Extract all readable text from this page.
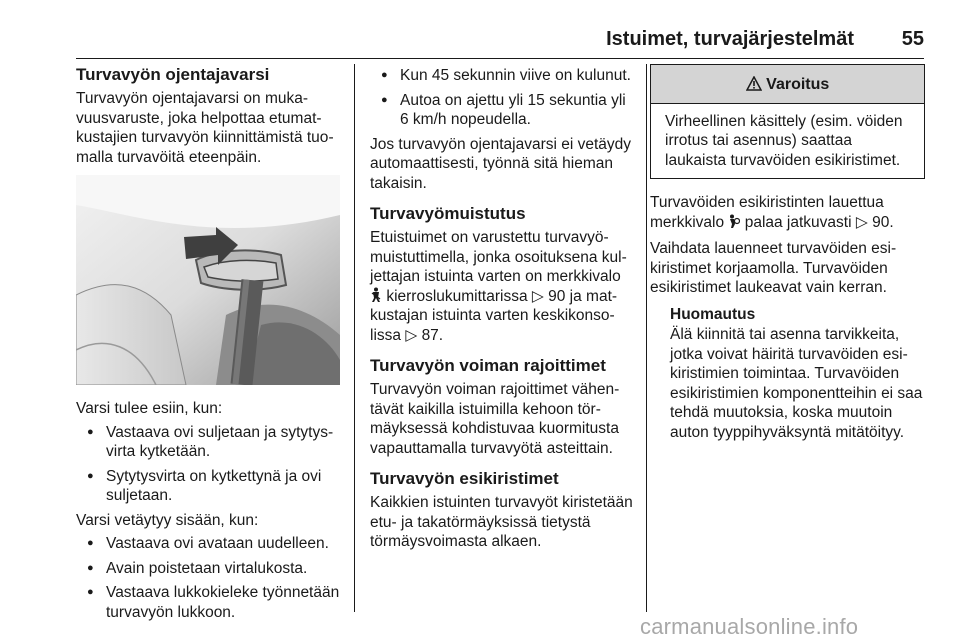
Istuimet, turvajärjestelmät 55
Turvavyön ojentajavarsi

Turvavyön ojentajavarsi on mukavuusvaruste, joka helpottaa etumatkustajien turvavyön kiinnittämistä tuomalla turvavöitä eteenpäin.

Varsi tulee esiin, kun:

● Vastaava ovi suljetaan ja sytytysvirta kytketään.
● Sytytysvirta on kytkettynä ja ovi suljetaan.

Varsi vetäytyy sisään, kun:

● Vastaava ovi avataan uudelleen.
● Avain poistetaan virtalukosta.
● Vastaava lukkokieleke työnnetään turvavyön lukkoon.
● Kun 45 sekunnin viive on kulunut.
● Autoa on ajettu yli 15 sekuntia yli 6 km/h nopeudella.

Jos turvavyön ojentajavarsi ei vetäydy automaattisesti, työnnä sitä hieman takaisin.

Turvavyömuistutus

Etuistuimet on varustettu turvavyömuistuttimella, jonka osoituksena kuljettajan istuinta varten on merkkivalo  kierroslukumittarissa ▷ 90 ja matkustajan istuinta varten keskikonsolissa ▷ 87.

Turvavyön voiman rajoittimet

Turvavyön voiman rajoittimet vähentävät kaikilla istuimilla kehoon törmäyksessä kohdistuvaa kuormitusta vapauttamalla turvavyötä asteittain.

Turvavyön esikiristimet

Kaikkien istuinten turvavyöt kiristetään etu- ja takatörmäyksissä tietystä törmäysvoimasta alkaen.

Varoitus
Virheellinen käsittely (esim. vöiden irrotus tai asennus) saattaa laukaista turvavöiden esikiristimet.

Turvavöiden esikiristinten lauettua merkkivalo palaa jatkuvasti ▷ 90.

Vaihdata lauenneet turvavöiden esikiristimet korjaamolla. Turvavöiden esikiristimet laukeavat vain kerran.

Huomautus
Älä kiinnitä tai asenna tarvikkeita, jotka voivat häiritä turvavöiden esikiristimien toimintaa. Turvavöiden esikiristimien komponentteihin ei saa tehdä muutoksia, koska muutoin auton tyyppihyväksyntä mitätöityy.
carmanualsonline.info
